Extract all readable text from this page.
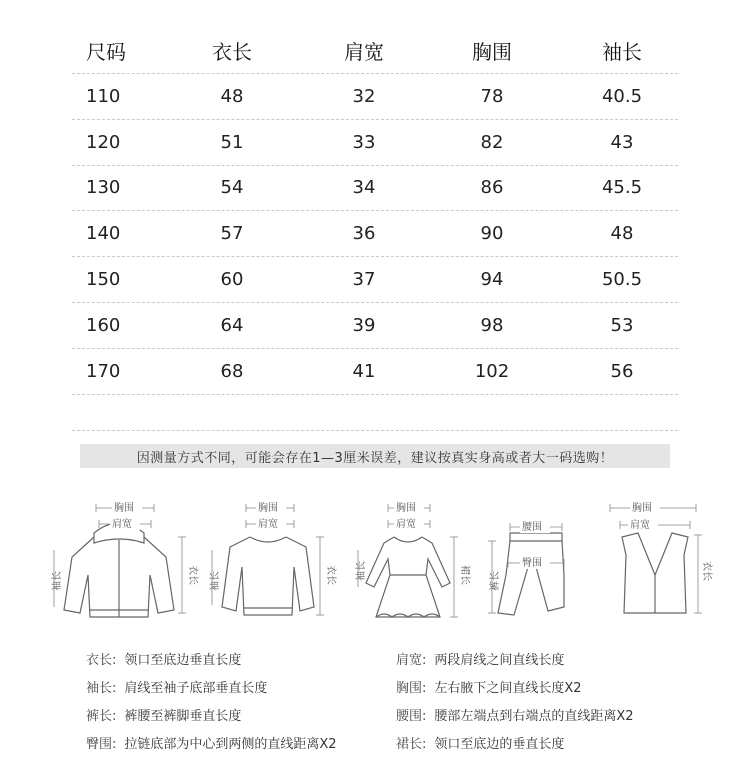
尺码	衣长	肩宽	胸围	袖长
110	48	32	78	40.5
120	51	33	82	43
130	54	34	86	45.5
140	57	36	90	48
150	60	37	94	50.5
160	64	39	98	53
170	68	41	102	56
因测量方式不同，可能会存在1—3厘米误差，建议按真实身高或者大一码选购！
胸围
肩宽
袖长	衣长
胸围
肩宽
袖长	衣长
胸围
肩宽
袖长	裙长
腰围
臀围
裤长
胸围
肩宽
衣长
衣长: 领口至底边垂直长度	肩宽: 两段肩线之间直线长度
袖长: 肩线至袖子底部垂直长度	胸围: 左右腋下之间直线长度X2
裤长: 裤腰至裤脚垂直长度	腰围: 腰部左端点到右端点的直线距离X2
臀围: 拉链底部为中心到两侧的直线距离X2	裙长: 领口至底边的垂直长度
